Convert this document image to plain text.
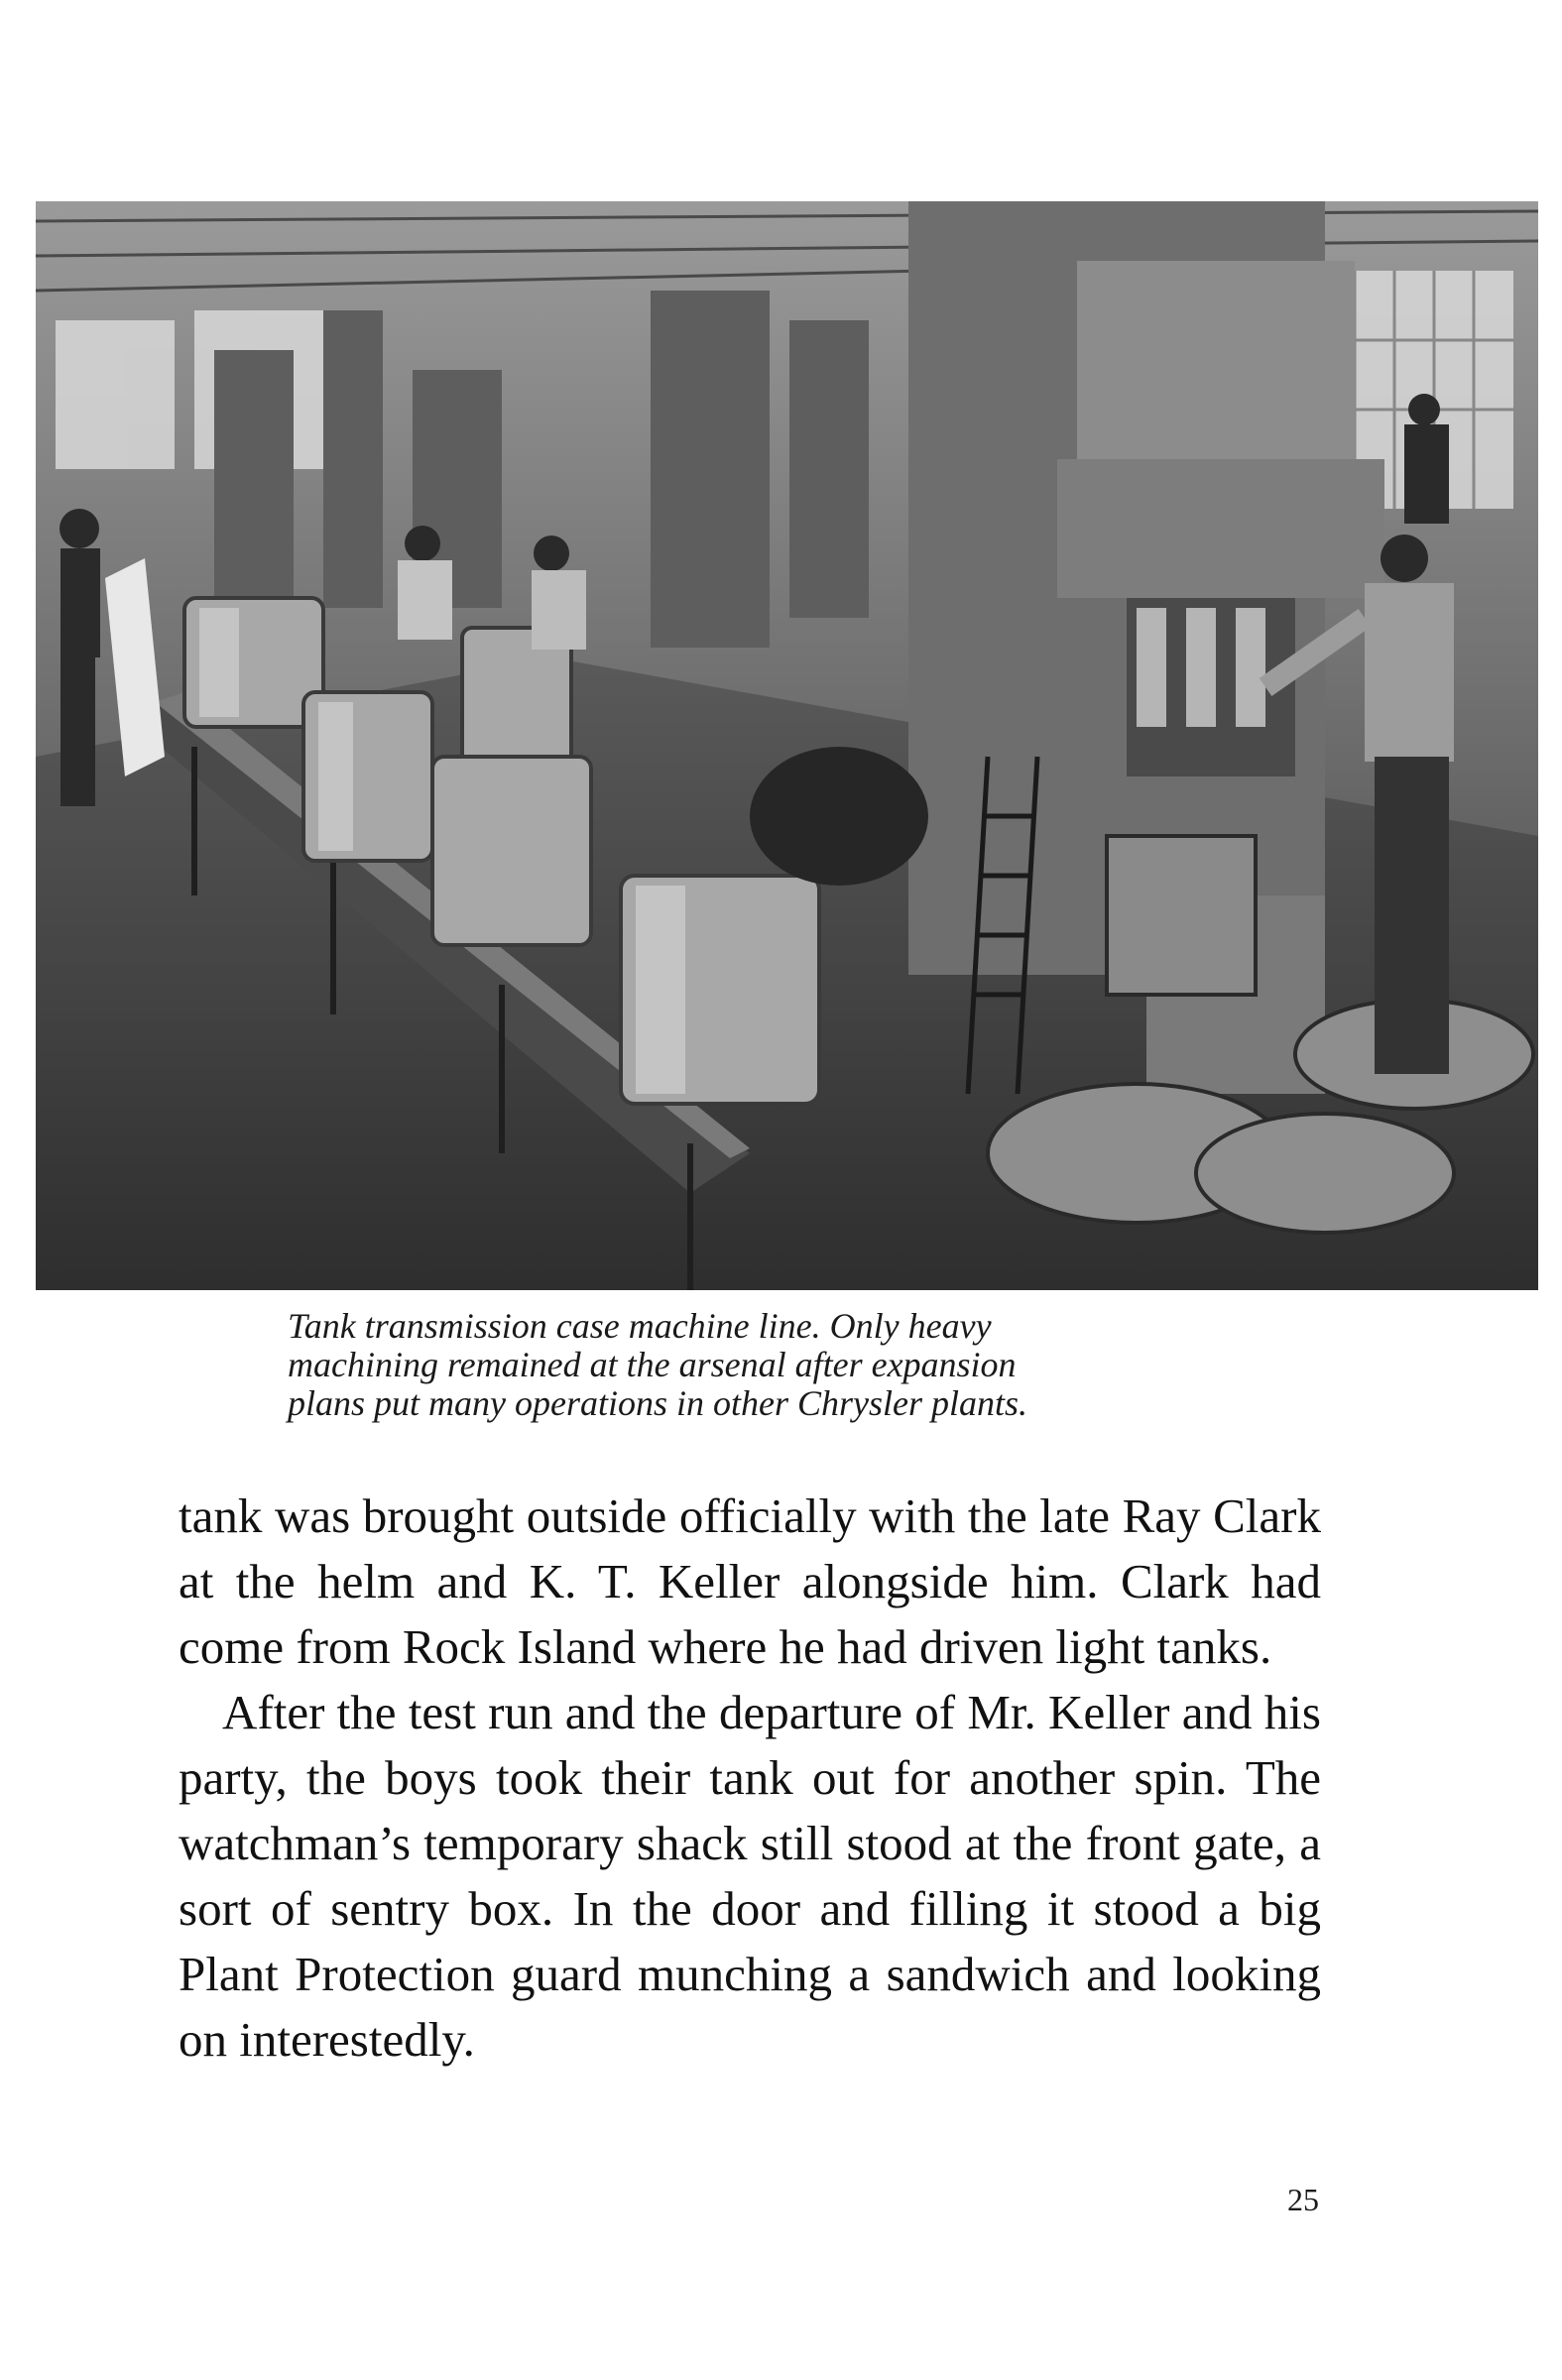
Tank transmission case machine line. Only heavy
machining remained at the arsenal after expansion
plans put many operations in other Chrysler plants.

tank was brought outside officially with the late Ray Clark at the helm and K. T. Keller alongside him. Clark had come from Rock Island where he had driven light tanks.

After the test run and the departure of Mr. Keller and his party, the boys took their tank out for another spin. The watchman’s temporary shack still stood at the front gate, a sort of sentry box. In the door and filling it stood a big Plant Protection guard munching a sandwich and looking on interestedly.

25
